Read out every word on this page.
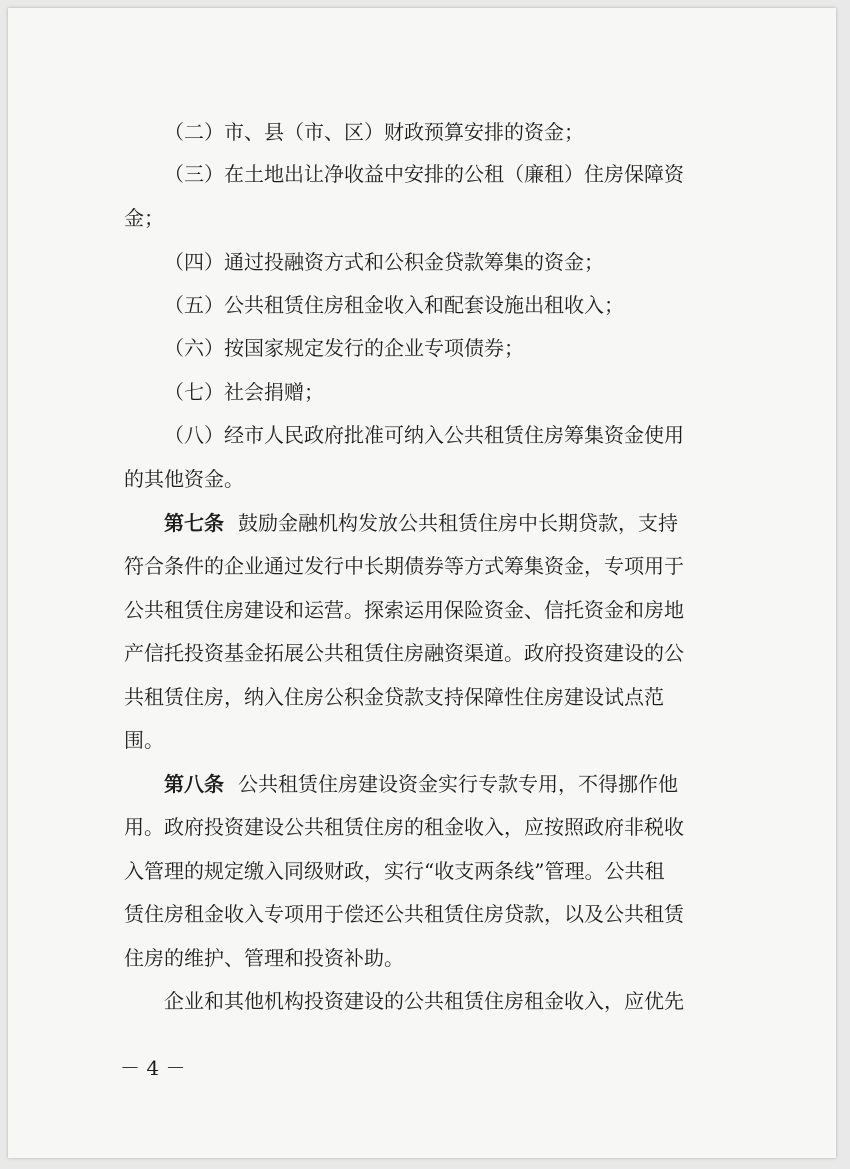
（二）市、县（市、区）财政预算安排的资金；
（三）在土地出让净收益中安排的公租（廉租）住房保障资
金；
（四）通过投融资方式和公积金贷款筹集的资金；
（五）公共租赁住房租金收入和配套设施出租收入；
（六）按国家规定发行的企业专项债券；
（七）社会捐赠；
（八）经市人民政府批准可纳入公共租赁住房筹集资金使用
的其他资金。
第七条 鼓励金融机构发放公共租赁住房中长期贷款，支持
符合条件的企业通过发行中长期债券等方式筹集资金，专项用于
公共租赁住房建设和运营。探索运用保险资金、信托资金和房地
产信托投资基金拓展公共租赁住房融资渠道。政府投资建设的公
共租赁住房，纳入住房公积金贷款支持保障性住房建设试点范
围。
第八条 公共租赁住房建设资金实行专款专用，不得挪作他
用。政府投资建设公共租赁住房的租金收入，应按照政府非税收
入管理的规定缴入同级财政，实行“收支两条线”管理。公共租
赁住房租金收入专项用于偿还公共租赁住房贷款，以及公共租赁
住房的维护、管理和投资补助。
企业和其他机构投资建设的公共租赁住房租金收入，应优先
－ 4 －
